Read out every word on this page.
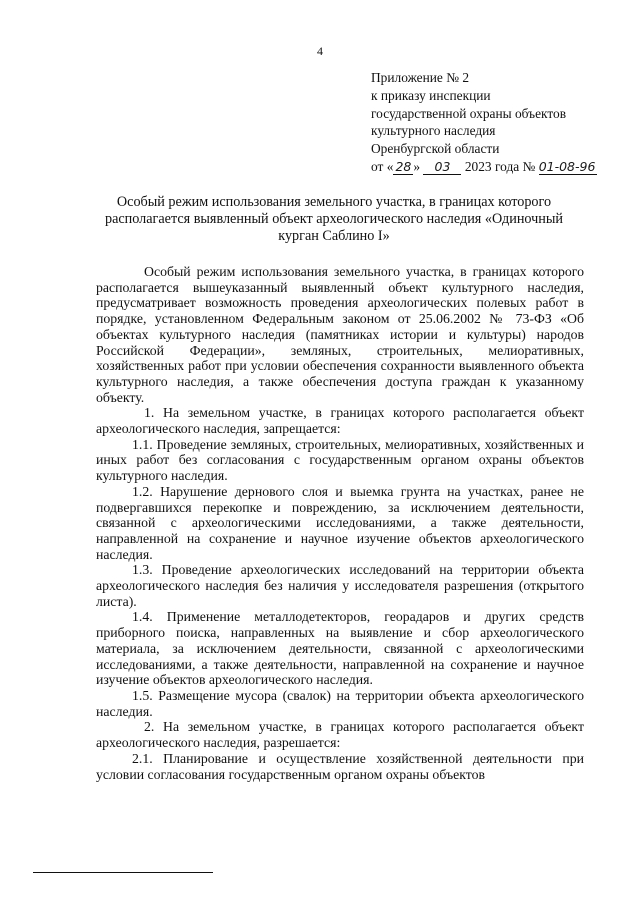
4
Приложение № 2
к приказу инспекции
государственной охраны объектов
культурного наследия
Оренбургской области
от « 28 » 03 2023 года № 01-08-96
Особый режим использования земельного участка, в границах которого располагается выявленный объект археологического наследия «Одиночный курган Саблино I»

Особый режим использования земельного участка, в границах которого располагается вышеуказанный выявленный объект культурного наследия, предусматривает возможность проведения археологических полевых работ в порядке, установленном Федеральным законом от 25.06.2002 № 73-ФЗ «Об объектах культурного наследия (памятниках истории и культуры) народов Российской Федерации», земляных, строительных, мелиоративных, хозяйственных работ при условии обеспечения сохранности выявленного объекта культурного наследия, а также обеспечения доступа граждан к указанному объекту.

1. На земельном участке, в границах которого располагается объект археологического наследия, запрещается:

1.1. Проведение земляных, строительных, мелиоративных, хозяйственных и иных работ без согласования с государственным органом охраны объектов культурного наследия.

1.2. Нарушение дернового слоя и выемка грунта на участках, ранее не подвергавшихся перекопке и повреждению, за исключением деятельности, связанной с археологическими исследованиями, а также деятельности, направленной на сохранение и научное изучение объектов археологического наследия.

1.3. Проведение археологических исследований на территории объекта археологического наследия без наличия у исследователя разрешения (открытого листа).

1.4. Применение металлодетекторов, георадаров и других средств приборного поиска, направленных на выявление и сбор археологического материала, за исключением деятельности, связанной с археологическими исследованиями, а также деятельности, направленной на сохранение и научное изучение объектов археологического наследия.

1.5. Размещение мусора (свалок) на территории объекта археологического наследия.

2. На земельном участке, в границах которого располагается объект археологического наследия, разрешается:

2.1. Планирование и осуществление хозяйственной деятельности при условии согласования государственным органом охраны объектов
